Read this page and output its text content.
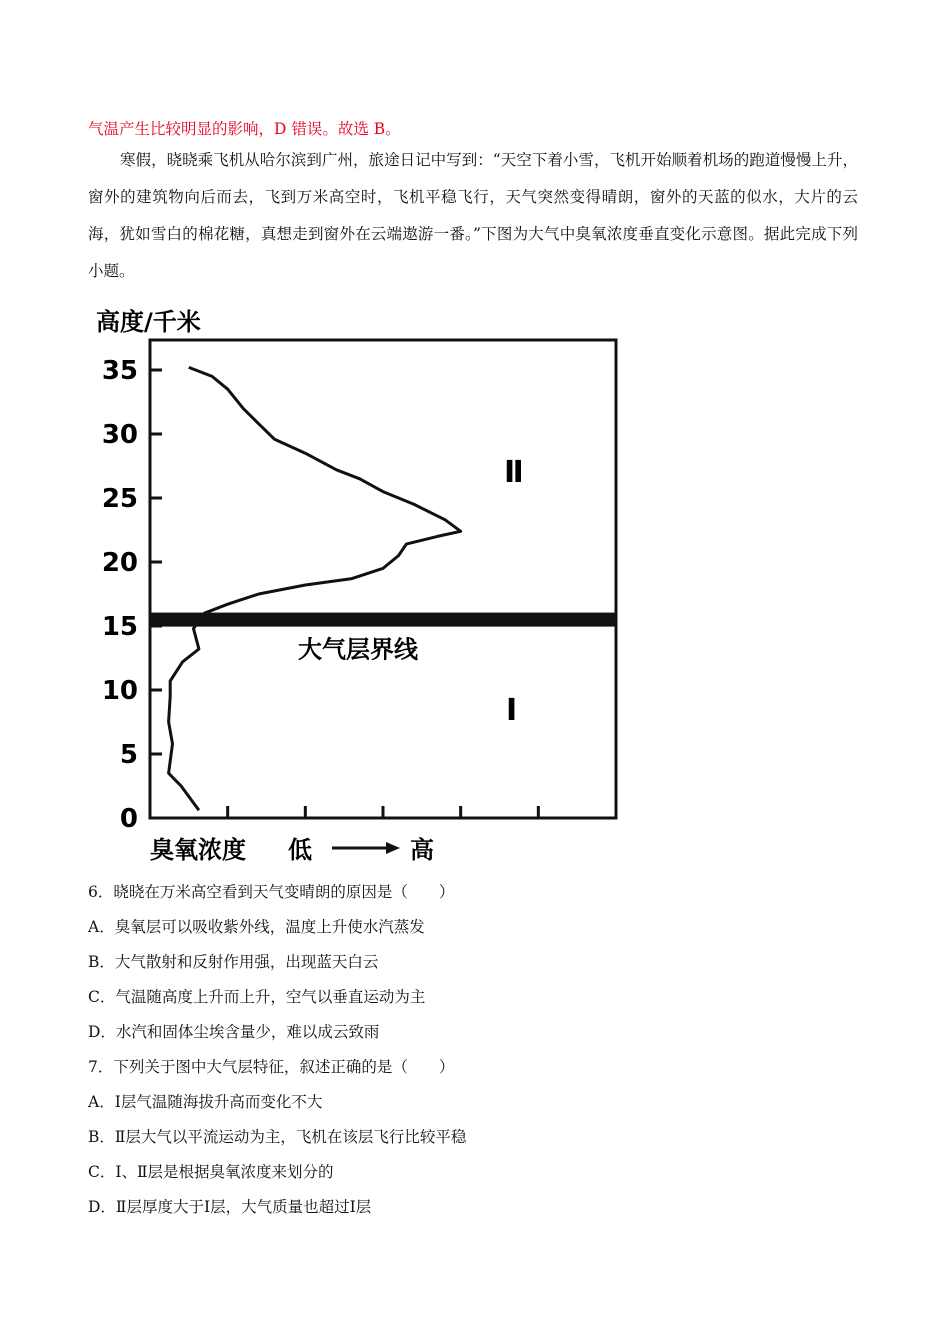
气温产生比较明显的影响，D 错误。故选 B。
寒假，晓晓乘飞机从哈尔滨到广州，旅途日记中写到：“天空下着小雪，飞机开始顺着机场的跑道慢慢上升，窗外的建筑物向后而去，飞到万米高空时，飞机平稳飞行，天气突然变得晴朗，窗外的天蓝的似水，大片的云海，犹如雪白的棉花糖，真想走到窗外在云端遨游一番。”下图为大气中臭氧浓度垂直变化示意图。据此完成下列小题。
高度/千米
0
5
10
15
20
25
30
35
大气层界线
Ⅰ
Ⅱ
臭氧浓度 低	高
6．晓晓在万米高空看到天气变晴朗的原因是（　　）
A．臭氧层可以吸收紫外线，温度上升使水汽蒸发
B．大气散射和反射作用强，出现蓝天白云
C．气温随高度上升而上升，空气以垂直运动为主
D．水汽和固体尘埃含量少，难以成云致雨
7．下列关于图中大气层特征，叙述正确的是（　　）
A．Ⅰ层气温随海拔升高而变化不大
B．Ⅱ层大气以平流运动为主，飞机在该层飞行比较平稳
C．Ⅰ、Ⅱ层是根据臭氧浓度来划分的
D．Ⅱ层厚度大于Ⅰ层，大气质量也超过Ⅰ层
